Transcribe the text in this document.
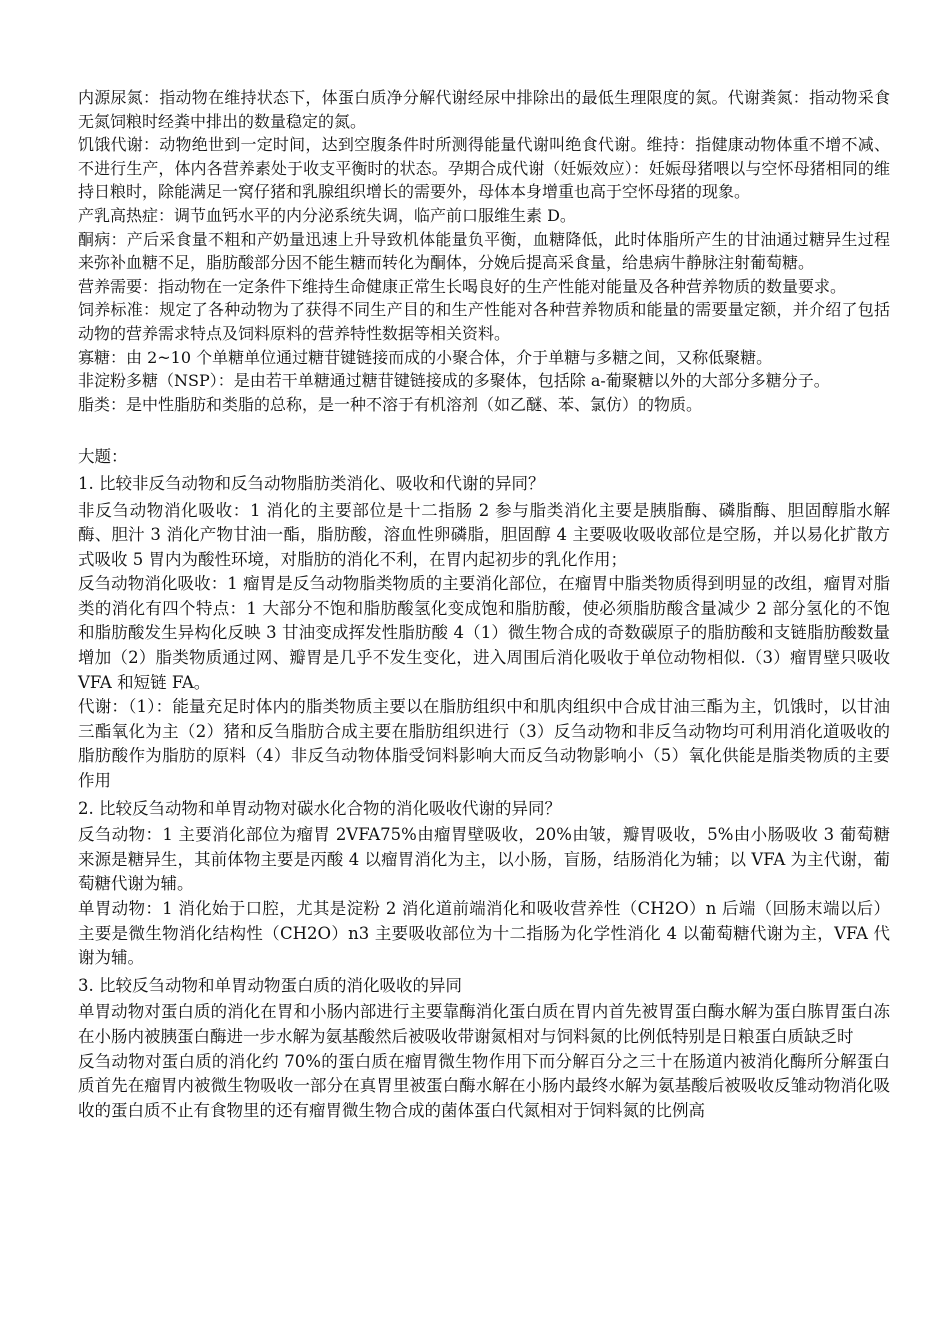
内源尿氮：指动物在维持状态下，体蛋白质净分解代谢经尿中排除出的最低生理限度的氮。代谢粪氮：指动物采食无氮饲粮时经粪中排出的数量稳定的氮。

饥饿代谢：动物绝世到一定时间，达到空腹条件时所测得能量代谢叫绝食代谢。维持：指健康动物体重不增不减、不进行生产，体内各营养素处于收支平衡时的状态。孕期合成代谢（妊娠效应）：妊娠母猪喂以与空怀母猪相同的维持日粮时，除能满足一窝仔猪和乳腺组织增长的需要外，母体本身增重也高于空怀母猪的现象。

产乳高热症：调节血钙水平的内分泌系统失调，临产前口服维生素 D。

酮病：产后采食量不粗和产奶量迅速上升导致机体能量负平衡，血糖降低，此时体脂所产生的甘油通过糖异生过程来弥补血糖不足，脂肪酸部分因不能生糖而转化为酮体，分娩后提高采食量，给患病牛静脉注射葡萄糖。

营养需要：指动物在一定条件下维持生命健康正常生长喝良好的生产性能对能量及各种营养物质的数量要求。

饲养标准：规定了各种动物为了获得不同生产目的和生产性能对各种营养物质和能量的需要量定额，并介绍了包括动物的营养需求特点及饲料原料的营养特性数据等相关资料。

寡糖：由 2~10 个单糖单位通过糖苷键链接而成的小聚合体，介于单糖与多糖之间，又称低聚糖。

非淀粉多糖（NSP）：是由若干单糖通过糖苷键链接成的多聚体，包括除 a-葡聚糖以外的大部分多糖分子。

脂类：是中性脂肪和类脂的总称，是一种不溶于有机溶剂（如乙醚、苯、氯仿）的物质。

大题：

1. 比较非反刍动物和反刍动物脂肪类消化、吸收和代谢的异同？

非反刍动物消化吸收：1 消化的主要部位是十二指肠 2 参与脂类消化主要是胰脂酶、磷脂酶、胆固醇脂水解酶、胆汁 3 消化产物甘油一酯，脂肪酸，溶血性卵磷脂，胆固醇 4 主要吸收吸收部位是空肠，并以易化扩散方式吸收 5 胃内为酸性环境，对脂肪的消化不利，在胃内起初步的乳化作用；

反刍动物消化吸收：1 瘤胃是反刍动物脂类物质的主要消化部位，在瘤胃中脂类物质得到明显的改组，瘤胃对脂类的消化有四个特点：1 大部分不饱和脂肪酸氢化变成饱和脂肪酸，使必须脂肪酸含量减少 2 部分氢化的不饱和脂肪酸发生异构化反映 3 甘油变成挥发性脂肪酸 4（1）微生物合成的奇数碳原子的脂肪酸和支链脂肪酸数量增加（2）脂类物质通过网、瓣胃是几乎不发生变化，进入周围后消化吸收于单位动物相似.（3）瘤胃壁只吸收 VFA 和短链 FA。

代谢：（1）：能量充足时体内的脂类物质主要以在脂肪组织中和肌肉组织中合成甘油三酯为主，饥饿时，以甘油三酯氧化为主（2）猪和反刍脂肪合成主要在脂肪组织进行（3）反刍动物和非反刍动物均可利用消化道吸收的脂肪酸作为脂肪的原料（4）非反刍动物体脂受饲料影响大而反刍动物影响小（5）氧化供能是脂类物质的主要作用

2. 比较反刍动物和单胃动物对碳水化合物的消化吸收代谢的异同？

反刍动物：1 主要消化部位为瘤胃 2VFA75%由瘤胃壁吸收，20%由皱，瓣胃吸收，5%由小肠吸收 3 葡萄糖来源是糖异生，其前体物主要是丙酸 4 以瘤胃消化为主，以小肠，盲肠，结肠消化为辅；以 VFA 为主代谢，葡萄糖代谢为辅。

单胃动物：1 消化始于口腔，尤其是淀粉 2 消化道前端消化和吸收营养性（CH2O）n 后端（回肠末端以后）主要是微生物消化结构性（CH2O）n3 主要吸收部位为十二指肠为化学性消化 4 以葡萄糖代谢为主，VFA 代谢为辅。

3. 比较反刍动物和单胃动物蛋白质的消化吸收的异同

单胃动物对蛋白质的消化在胃和小肠内部进行主要靠酶消化蛋白质在胃内首先被胃蛋白酶水解为蛋白胨胃蛋白冻在小肠内被胰蛋白酶进一步水解为氨基酸然后被吸收带谢氮相对与饲料氮的比例低特别是日粮蛋白质缺乏时

反刍动物对蛋白质的消化约 70%的蛋白质在瘤胃微生物作用下而分解百分之三十在肠道内被消化酶所分解蛋白质首先在瘤胃内被微生物吸收一部分在真胃里被蛋白酶水解在小肠内最终水解为氨基酸后被吸收反雏动物消化吸收的蛋白质不止有食物里的还有瘤胃微生物合成的菌体蛋白代氮相对于饲料氮的比例高
